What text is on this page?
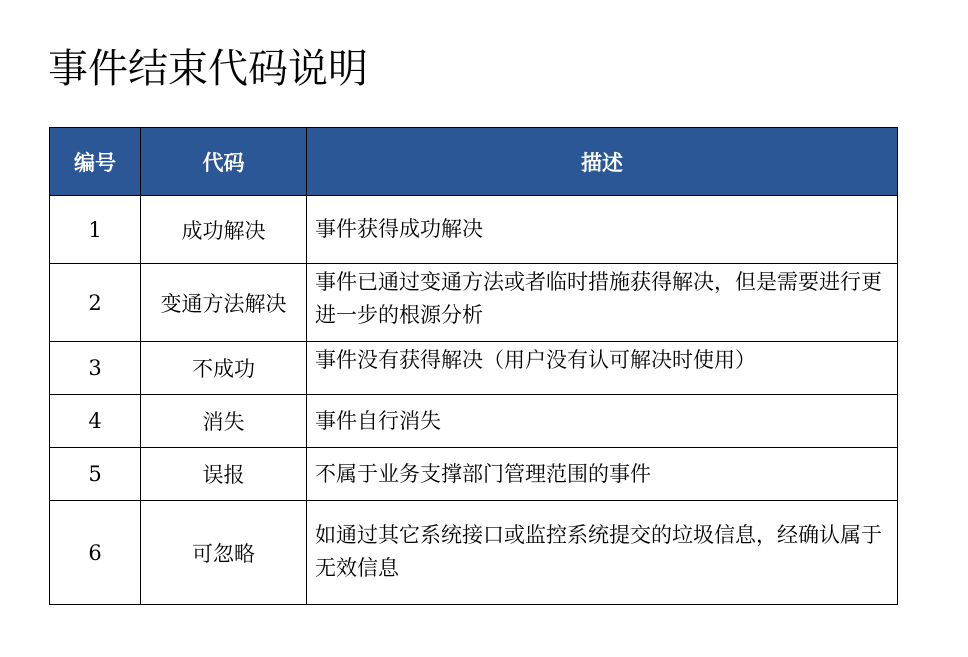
事件结束代码说明
编号	代码	描述
1	成功解决	事件获得成功解决
2	变通方法解决	事件已通过变通方法或者临时措施获得解决，但是需要进行更进一步的根源分析
3	不成功	事件没有获得解决（用户没有认可解决时使用）
4	消失	事件自行消失
5	误报	不属于业务支撑部门管理范围的事件
6	可忽略	如通过其它系统接口或监控系统提交的垃圾信息，经确认属于无效信息
